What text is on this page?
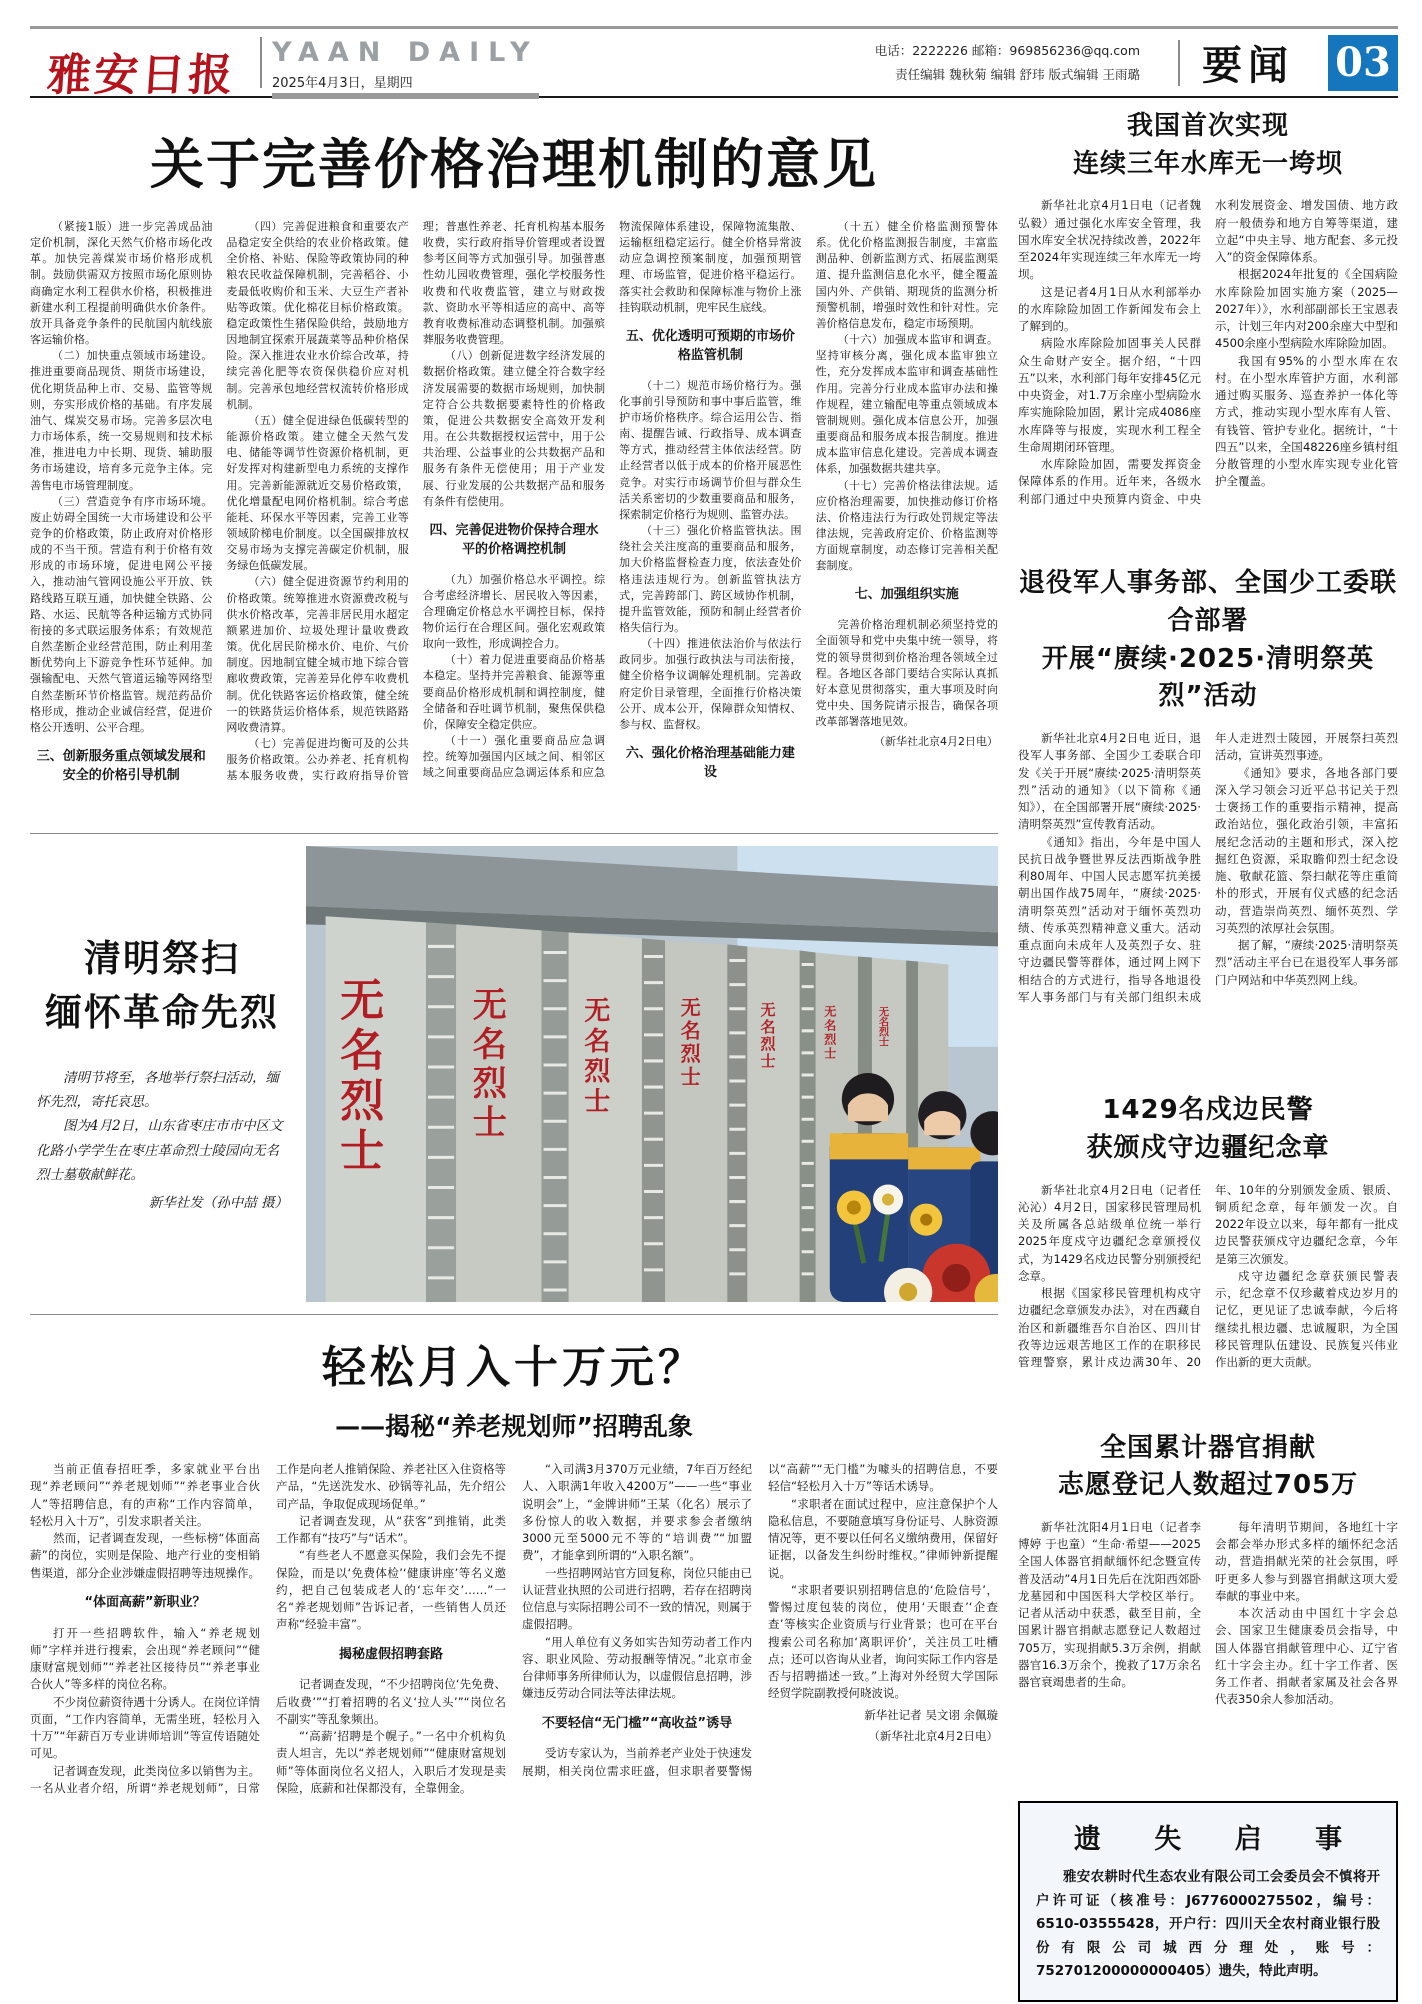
雅安日报	YAAN DAILY
2025年4月3日，星期四
电话：2222226 邮箱：969856236@qq.com
责任编辑 魏秋菊 编辑 舒玮 版式编辑 王雨璐 要闻	03
关于完善价格治理机制的意见

（紧接1版）进一步完善成品油定价机制，深化天然气价格市场化改革。加快完善煤炭市场价格形成机制。鼓励供需双方按照市场化原则协商确定水利工程供水价格，积极推进新建水利工程提前明确供水价条件。放开具备竞争条件的民航国内航线旅客运输价格。

（二）加快重点领域市场建设。推进重要商品现货、期货市场建设，优化期货品种上市、交易、监管等规则，夯实形成价格的基础。有序发展油气、煤炭交易市场。完善多层次电力市场体系，统一交易规则和技术标准，推进电力中长期、现货、辅助服务市场建设，培育多元竞争主体。完善售电市场管理制度。

（三）营造竞争有序市场环境。废止妨碍全国统一大市场建设和公平竞争的价格政策，防止政府对价格形成的不当干预。营造有利于价格有效形成的市场环境，促进电网公平接入，推动油气管网设施公平开放、铁路线路互联互通，加快健全铁路、公路、水运、民航等各种运输方式协同衔接的多式联运服务体系；有效规范自然垄断企业经营范围，防止利用垄断优势向上下游竞争性环节延伸。加强输配电、天然气管道运输等网络型自然垄断环节价格监管。规范药品价格形成，推动企业诚信经营，促进价格公开透明、公平合理。

三、创新服务重点领域发展和安全的价格引导机制

（四）完善促进粮食和重要农产品稳定安全供给的农业价格政策。健全价格、补贴、保险等政策协同的种粮农民收益保障机制，完善稻谷、小麦最低收购价和玉米、大豆生产者补贴等政策。优化棉花目标价格政策。稳定政策性生猪保险供给，鼓励地方因地制宜探索开展蔬菜等品种价格保险。深入推进农业水价综合改革，持续完善化肥等农资保供稳价应对机制。完善承包地经营权流转价格形成机制。

（五）健全促进绿色低碳转型的能源价格政策。建立健全天然气发电、储能等调节性资源价格机制，更好发挥对构建新型电力系统的支撑作用。完善新能源就近交易价格政策，优化增量配电网价格机制。综合考虑能耗、环保水平等因素，完善工业等领域阶梯电价制度。以全国碳排放权交易市场为支撑完善碳定价机制，服务绿色低碳发展。

（六）健全促进资源节约利用的价格政策。统筹推进水资源费改税与供水价格改革，完善非居民用水超定额累进加价、垃圾处理计量收费政策。优化居民阶梯水价、电价、气价制度。因地制宜健全城市地下综合管廊收费政策，完善差异化停车收费机制。优化铁路客运价格政策，健全统一的铁路货运价格体系，规范铁路路网收费清算。

（七）完善促进均衡可及的公共服务价格政策。公办养老、托育机构基本服务收费，实行政府指导价管理；普惠性养老、托育机构基本服务收费，实行政府指导价管理或者设置参考区间等方式加强引导。加强普惠性幼儿园收费管理，强化学校服务性收费和代收费监管，建立与财政拨款、资助水平等相适应的高中、高等教育收费标准动态调整机制。加强殡葬服务收费管理。

（八）创新促进数字经济发展的数据价格政策。建立健全符合数字经济发展需要的数据市场规则，加快制定符合公共数据要素特性的价格政策，促进公共数据安全高效开发利用。在公共数据授权运营中，用于公共治理、公益事业的公共数据产品和服务有条件无偿使用；用于产业发展、行业发展的公共数据产品和服务有条件有偿使用。

四、完善促进物价保持合理水平的价格调控机制

（九）加强价格总水平调控。综合考虑经济增长、居民收入等因素，合理确定价格总水平调控目标，保持物价运行在合理区间。强化宏观政策取向一致性，形成调控合力。

（十）着力促进重要商品价格基本稳定。坚持并完善粮食、能源等重要商品价格形成机制和调控制度，健全储备和吞吐调节机制，聚焦保供稳价，保障安全稳定供应。

（十一）强化重要商品应急调控。统筹加强国内区域之间、相邻区域之间重要商品应急调运体系和应急物流保障体系建设，保障物流集散、运输枢纽稳定运行。健全价格异常波动应急调控预案制度，加强预期管理、市场监管，促进价格平稳运行。落实社会救助和保障标准与物价上涨挂钩联动机制，兜牢民生底线。

五、优化透明可预期的市场价格监管机制

（十二）规范市场价格行为。强化事前引导预防和事中事后监管，维护市场价格秩序。综合运用公告、指南、提醒告诫、行政指导、成本调查等方式，推动经营主体依法经营。防止经营者以低于成本的价格开展恶性竞争。对实行市场调节价但与群众生活关系密切的少数重要商品和服务，探索制定价格行为规则、监管办法。

（十三）强化价格监管执法。围绕社会关注度高的重要商品和服务，加大价格监督检查力度，依法查处价格违法违规行为。创新监管执法方式，完善跨部门、跨区域协作机制，提升监管效能，预防和制止经营者价格失信行为。

（十四）推进依法治价与依法行政同步。加强行政执法与司法衔接，健全价格争议调解处理机制。完善政府定价目录管理，全面推行价格决策公开、成本公开，保障群众知情权、参与权、监督权。

六、强化价格治理基础能力建设

（十五）健全价格监测预警体系。优化价格监测报告制度，丰富监测品种、创新监测方式、拓展监测渠道、提升监测信息化水平，健全覆盖国内外、产供销、期现货的监测分析预警机制，增强时效性和针对性。完善价格信息发布，稳定市场预期。

（十六）加强成本监审和调查。坚持审核分离，强化成本监审独立性，充分发挥成本监审和调查基础性作用。完善分行业成本监审办法和操作规程，建立输配电等重点领域成本管制规则。强化成本信息公开，加强重要商品和服务成本报告制度。推进成本监审信息化建设。完善成本调查体系，加强数据共建共享。

（十七）完善价格法律法规。适应价格治理需要，加快推动修订价格法、价格违法行为行政处罚规定等法律法规，完善政府定价、价格监测等方面规章制度，动态修订完善相关配套制度。

七、加强组织实施

完善价格治理机制必须坚持党的全面领导和党中央集中统一领导，将党的领导贯彻到价格治理各领域全过程。各地区各部门要结合实际认真抓好本意见贯彻落实，重大事项及时向党中央、国务院请示报告，确保各项改革部署落地见效。

（新华社北京4月2日电）

清明祭扫
缅怀革命先烈

清明节将至，各地举行祭扫活动，缅怀先烈，寄托哀思。

图为4月2日，山东省枣庄市市中区文化路小学学生在枣庄革命烈士陵园向无名烈士墓敬献鲜花。

新华社发（孙中喆 摄）

无名烈士 无名烈士	无名烈士	无名烈士	无名烈士	无名烈士	无名烈士
轻松月入十万元？
——揭秘“养老规划师”招聘乱象

当前正值春招旺季，多家就业平台出现“养老顾问”“养老规划师”“养老事业合伙人”等招聘信息，有的声称“工作内容简单，轻松月入十万”，引发求职者关注。

然而，记者调查发现，一些标榜“体面高薪”的岗位，实则是保险、地产行业的变相销售渠道，部分企业涉嫌虚假招聘等违规操作。

“体面高薪”新职业？

打开一些招聘软件，输入“养老规划师”字样并进行搜索，会出现“养老顾问”“健康财富规划师”“养老社区接待员”“养老事业合伙人”等多样的岗位名称。

不少岗位薪资待遇十分诱人。在岗位详情页面，“工作内容简单，无需坐班，轻松月入十万”“年薪百万专业讲师培训”等宣传语随处可见。

记者调查发现，此类岗位多以销售为主。一名从业者介绍，所谓“养老规划师”，日常工作是向老人推销保险、养老社区入住资格等产品，“先送洗发水、砂锅等礼品，先介绍公司产品，争取促成现场促单。”

记者调查发现，从“获客”到推销，此类工作都有“技巧”与“话术”。

“有些老人不愿意买保险，我们会先不提保险，而是以‘免费体检’‘健康讲座’等名义邀约，把自己包装成老人的‘忘年交’……”一名“养老规划师”告诉记者，一些销售人员还声称“经验丰富”。

揭秘虚假招聘套路

记者调查发现，“不少招聘岗位‘先免费、后收费’”“打着招聘的名义‘拉人头’”“岗位名不副实”等乱象频出。

“‘高薪’招聘是个幌子。”一名中介机构负责人坦言，先以“养老规划师”“健康财富规划师”等体面岗位名义招人，入职后才发现是卖保险，底薪和社保都没有，全靠佣金。

“入司满3月370万元业绩，7年百万经纪人、入职满1年收入4200万”——一些“事业说明会”上，“金牌讲师”王某（化名）展示了多份惊人的收入数据，并要求参会者缴纳3000元至5000元不等的“培训费”“加盟费”，才能拿到所谓的“入职名额”。

一些招聘网站官方回复称，岗位只能由已认证营业执照的公司进行招聘，若存在招聘岗位信息与实际招聘公司不一致的情况，则属于虚假招聘。

“用人单位有义务如实告知劳动者工作内容、职业风险、劳动报酬等情况。”北京市金台律师事务所律师认为，以虚假信息招聘，涉嫌违反劳动合同法等法律法规。

不要轻信“无门槛”“高收益”诱导

受访专家认为，当前养老产业处于快速发展期，相关岗位需求旺盛，但求职者要警惕以“高薪”“无门槛”为噱头的招聘信息，不要轻信“轻松月入十万”等话术诱导。

“求职者在面试过程中，应注意保护个人隐私信息，不要随意填写身份证号、人脉资源情况等，更不要以任何名义缴纳费用，保留好证据，以备发生纠纷时维权。”律师钟新提醒说。

“求职者要识别招聘信息的‘危险信号’，警惕过度包装的岗位，使用‘天眼查’‘企查查’等核实企业资质与行业背景；也可在平台搜索公司名称加‘离职评价’，关注员工吐槽点；还可以咨询从业者，询问实际工作内容是否与招聘描述一致。”上海对外经贸大学国际经贸学院副教授何晓波说。

新华社记者 吴文诩 余佩璇

（新华社北京4月2日电）

我国首次实现
连续三年水库无一垮坝

新华社北京4月1日电（记者魏弘毅）通过强化水库安全管理，我国水库安全状况持续改善，2022年至2024年实现连续三年水库无一垮坝。

这是记者4月1日从水利部举办的水库除险加固工作新闻发布会上了解到的。

病险水库除险加固事关人民群众生命财产安全。据介绍，“十四五”以来，水利部门每年安排45亿元中央资金，对1.7万余座小型病险水库实施除险加固，累计完成4086座水库降等与报废，实现水利工程全生命周期闭环管理。

水库除险加固，需要发挥资金保障体系的作用。近年来，各级水利部门通过中央预算内资金、中央水利发展资金、增发国债、地方政府一般债券和地方自筹等渠道，建立起“中央主导、地方配套、多元投入”的资金保障体系。

根据2024年批复的《全国病险水库除险加固实施方案（2025—2027年）》，水利部副部长王宝恩表示，计划三年内对200余座大中型和4500余座小型病险水库除险加固。

我国有95%的小型水库在农村。在小型水库管护方面，水利部通过购买服务、巡查养护一体化等方式，推动实现小型水库有人管、有钱管、管护专业化。据统计，“十四五”以来，全国48226座乡镇村组分散管理的小型水库实现专业化管护全覆盖。

退役军人事务部、全国少工委联合部署
开展“赓续·2025·清明祭英烈”活动

新华社北京4月2日电 近日，退役军人事务部、全国少工委联合印发《关于开展“赓续·2025·清明祭英烈”活动的通知》（以下简称《通知》），在全国部署开展“赓续·2025·清明祭英烈”宣传教育活动。

《通知》指出，今年是中国人民抗日战争暨世界反法西斯战争胜利80周年、中国人民志愿军抗美援朝出国作战75周年，“赓续·2025·清明祭英烈”活动对于缅怀英烈功绩、传承英烈精神意义重大。活动重点面向未成年人及英烈子女、驻守边疆民警等群体，通过网上网下相结合的方式进行，指导各地退役军人事务部门与有关部门组织未成年人走进烈士陵园，开展祭扫英烈活动，宣讲英烈事迹。

《通知》要求，各地各部门要深入学习领会习近平总书记关于烈士褒扬工作的重要指示精神，提高政治站位，强化政治引领，丰富拓展纪念活动的主题和形式，深入挖掘红色资源，采取瞻仰烈士纪念设施、敬献花篮、祭扫献花等庄重简朴的形式，开展有仪式感的纪念活动，营造崇尚英烈、缅怀英烈、学习英烈的浓厚社会氛围。

据了解，“赓续·2025·清明祭英烈”活动主平台已在退役军人事务部门户网站和中华英烈网上线。

1429名戍边民警
获颁戍守边疆纪念章

新华社北京4月2日电（记者任沁沁）4月2日，国家移民管理局机关及所属各总站级单位统一举行2025年度戍守边疆纪念章颁授仪式，为1429名戍边民警分别颁授纪念章。

根据《国家移民管理机构戍守边疆纪念章颁发办法》，对在西藏自治区和新疆维吾尔自治区、四川甘孜等边远艰苦地区工作的在职移民管理警察，累计戍边满30年、20年、10年的分别颁发金质、银质、铜质纪念章，每年颁发一次。自2022年设立以来，每年都有一批戍边民警获颁戍守边疆纪念章，今年是第三次颁发。

戍守边疆纪念章获颁民警表示，纪念章不仅珍藏着戍边岁月的记忆，更见证了忠诚奉献，今后将继续扎根边疆、忠诚履职，为全国移民管理队伍建设、民族复兴伟业作出新的更大贡献。

全国累计器官捐献
志愿登记人数超过705万

新华社沈阳4月1日电（记者李博婷 于也童）“生命·希望——2025全国人体器官捐献缅怀纪念暨宣传普及活动”4月1日先后在沈阳西郊卧龙墓园和中国医科大学校区举行。记者从活动中获悉，截至目前，全国累计器官捐献志愿登记人数超过705万，实现捐献5.3万余例，捐献器官16.3万余个，挽救了17万余名器官衰竭患者的生命。

每年清明节期间，各地红十字会都会举办形式多样的缅怀纪念活动，营造捐献光荣的社会氛围，呼吁更多人参与到器官捐献这项大爱奉献的事业中来。

本次活动由中国红十字会总会、国家卫生健康委员会指导，中国人体器官捐献管理中心、辽宁省红十字会主办。红十字工作者、医务工作者、捐献者家属及社会各界代表350余人参加活动。

遗 失 启 事

雅安农耕时代生态农业有限公司工会委员会不慎将开户许可证（核准号：J6776000275502，编号：6510-03555428，开户行：四川天全农村商业银行股份有限公司城西分理处，账号：752701200000000405）遗失，特此声明。
